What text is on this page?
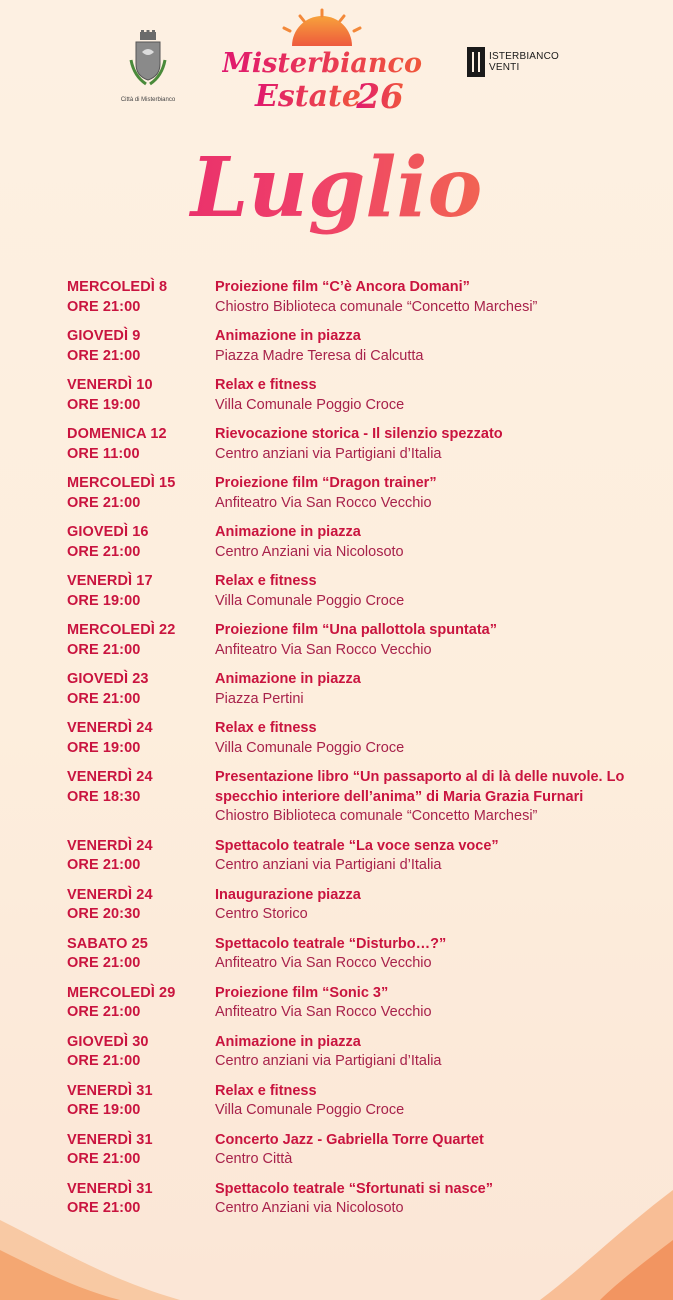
Città di Misterbianco
Misterbianco
Estate
26
ISTERBIANCO
VENTI
Luglio
MERCOLEDÌ 8
ORE 21:00
Proiezione film “C’è Ancora Domani”
Chiostro Biblioteca comunale “Concetto Marchesi”
GIOVEDÌ 9
ORE 21:00
Animazione in piazza
Piazza Madre Teresa di Calcutta
VENERDÌ 10
ORE 19:00
Relax e fitness
Villa Comunale Poggio Croce
DOMENICA 12
ORE 11:00
Rievocazione storica - Il silenzio spezzato
Centro anziani via Partigiani d’Italia
MERCOLEDÌ 15
ORE 21:00
Proiezione film “Dragon trainer”
Anfiteatro Via San Rocco Vecchio
GIOVEDÌ 16
ORE 21:00
Animazione in piazza
Centro Anziani via Nicolosoto
VENERDÌ 17
ORE 19:00
Relax e fitness
Villa Comunale Poggio Croce
MERCOLEDÌ 22
ORE 21:00
Proiezione film “Una pallottola spuntata”
Anfiteatro Via San Rocco Vecchio
GIOVEDÌ 23
ORE 21:00
Animazione in piazza
Piazza Pertini
VENERDÌ 24
ORE 19:00
Relax e fitness
Villa Comunale Poggio Croce
VENERDÌ 24
ORE 18:30
Presentazione libro “Un passaporto al di là delle nuvole. Lo specchio interiore dell’anima” di Maria Grazia Furnari
Chiostro Biblioteca comunale “Concetto Marchesi”
VENERDÌ 24
ORE 21:00
Spettacolo teatrale “La voce senza voce”
Centro anziani via Partigiani d’Italia
VENERDÌ 24
ORE 20:30
Inaugurazione piazza
Centro Storico
SABATO 25
ORE 21:00
Spettacolo teatrale “Disturbo…?”
Anfiteatro Via San Rocco Vecchio
MERCOLEDÌ 29
ORE 21:00
Proiezione film “Sonic 3”
Anfiteatro Via San Rocco Vecchio
GIOVEDÌ 30
ORE 21:00
Animazione in piazza
Centro anziani via Partigiani d’Italia
VENERDÌ 31
ORE 19:00
Relax e fitness
Villa Comunale Poggio Croce
VENERDÌ 31
ORE 21:00
Concerto Jazz - Gabriella Torre Quartet
Centro Città
VENERDÌ 31
ORE 21:00
Spettacolo teatrale “Sfortunati si nasce”
Centro Anziani via Nicolosoto
